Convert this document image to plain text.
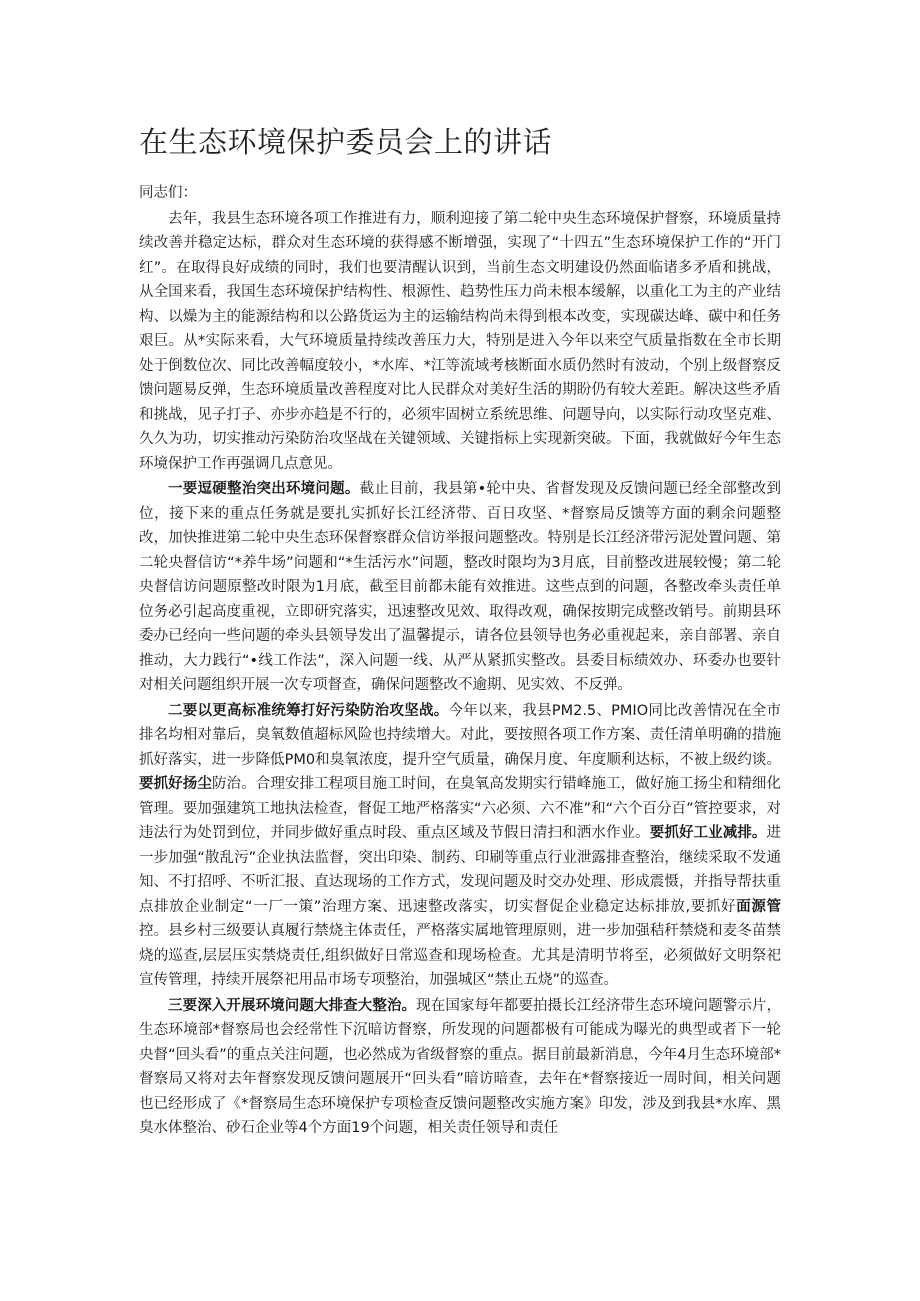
在生态环境保护委员会上的讲话

同志们：

去年，我县生态环境各项工作推进有力，顺利迎接了第二轮中央生态环境保护督察，环境质量持续改善并稳定达标，群众对生态环境的获得感不断增强，实现了“十四五”生态环境保护工作的“开门红”。在取得良好成绩的同时，我们也要清醒认识到，当前生态文明建设仍然面临诸多矛盾和挑战，从全国来看，我国生态环境保护结构性、根源性、趋势性压力尚未根本缓解，以重化工为主的产业结构、以燥为主的能源结构和以公路货运为主的运输结构尚未得到根本改变，实现碳达峰、碳中和任务艰巨。从*实际来看，大气环境质量持续改善压力大，特别是进入今年以来空气质量指数在全市长期处于倒数位次、同比改善幅度较小，*水库、*江等流域考核断面水质仍然时有波动，个别上级督察反馈问题易反弹，生态环境质量改善程度对比人民群众对美好生活的期盼仍有较大差距。解决这些矛盾和挑战，见子打子、亦步亦趋是不行的，必须牢固树立系统思维、问题导向，以实际行动攻坚克难、久久为功，切实推动污染防治攻坚战在关键领域、关键指标上实现新突破。下面，我就做好今年生态环境保护工作再强调几点意见。

一要逗硬整治突出环境问题。截止目前，我县第•轮中央、省督发现及反馈问题已经全部整改到位，接下来的重点任务就是要扎实抓好长江经济带、百日攻坚、*督察局反馈等方面的剩余问题整改，加快推进第二轮中央生态环保督察群众信访举报问题整改。特别是长江经济带污泥处置问题、第二轮央督信访“*养牛场”问题和“*生活污水”问题，整改时限均为3月底，目前整改进展较慢；第二轮央督信访问题原整改时限为1月底，截至目前都未能有效推进。这些点到的问题，各整改牵头责任单位务必引起高度重视，立即研究落实，迅速整改见效、取得改观，确保按期完成整改销号。前期县环委办已经向一些问题的牵头县领导发出了温馨提示，请各位县领导也务必重视起来，亲自部署、亲自推动，大力践行“•线工作法”，深入问题一线、从严从紧抓实整改。县委目标绩效办、环委办也要针对相关问题组织开展一次专项督查，确保问题整改不逾期、见实效、不反弹。

二要以更高标准统筹打好污染防治攻坚战。今年以来，我县PM2.5、PMIO同比改善情况在全市排名均相对靠后，臭氧数值超标风险也持续增大。对此，要按照各项工作方案、责任清单明确的措施抓好落实，进一步降低PM0和臭氧浓度，提升空气质量，确保月度、年度顺利达标，不被上级约谈。要抓好扬尘防治。合理安排工程项目施工时间，在臭氧高发期实行错峰施工，做好施工扬尘和精细化管理。要加强建筑工地执法检查，督促工地严格落实“六必须、六不准”和“六个百分百”管控要求，对违法行为处罚到位，并同步做好重点时段、重点区域及节假日清扫和洒水作业。要抓好工业减排。进一步加强“散乱污”企业执法监督，突出印染、制药、印刷等重点行业泄露排查整治，继续采取不发通知、不打招呼、不听汇报、直达现场的工作方式，发现问题及时交办处理、形成震慑，并指导帮扶重点排放企业制定“一厂一策”治理方案、迅速整改落实，切实督促企业稳定达标排放,要抓好面源管控。县乡村三级要认真履行禁烧主体责任，严格落实属地管理原则，进一步加强秸秆禁烧和麦冬苗禁烧的巡查,层层压实禁烧责任,组织做好日常巡查和现场检查。尤其是清明节将至，必须做好文明祭祀宣传管理，持续开展祭祀用品市场专项整治，加强城区“禁止五烧”的巡查。

三要深入开展环境问题大排查大整治。现在国家每年都要拍摄长江经济带生态环境问题警示片，生态环境部*督察局也会经常性下沉暗访督察，所发现的问题都极有可能成为曝光的典型或者下一轮央督“回头看”的重点关注问题，也必然成为省级督察的重点。据目前最新消息，今年4月生态环境部*督察局又将对去年督察发现反馈问题展开“回头看”暗访暗查，去年在*督察接近一周时间，相关问题也已经形成了《*督察局生态环境保护专项检查反馈问题整改实施方案》印发，涉及到我县*水库、黑臭水体整治、砂石企业等4个方面19个问题，相关责任领导和责任
